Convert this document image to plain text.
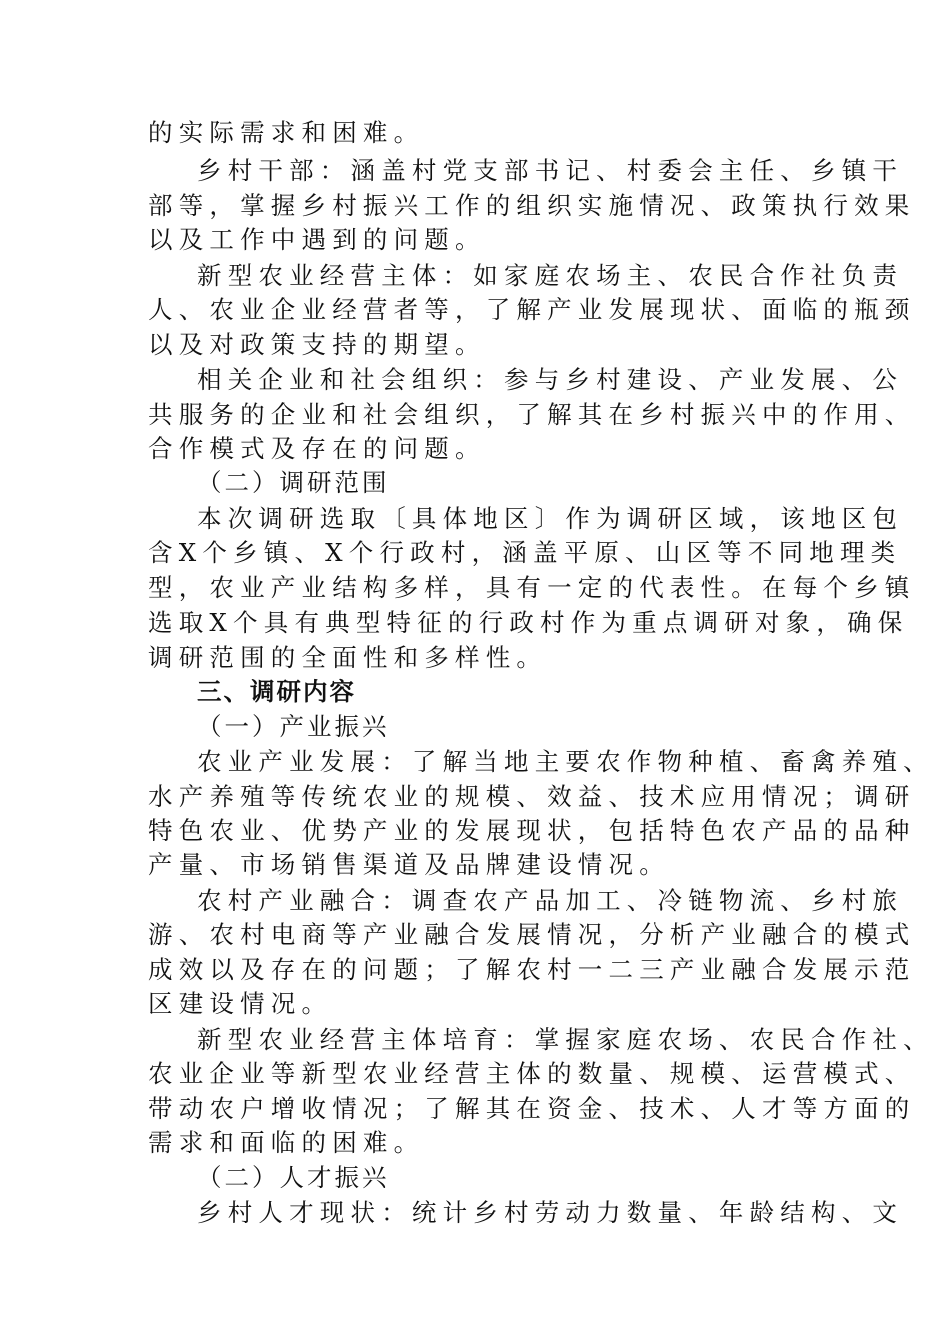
的实际需求和困难。
乡村干部：涵盖村党支部书记、村委会主任、乡镇干
部等，掌握乡村振兴工作的组织实施情况、政策执行效果
以及工作中遇到的问题。
新型农业经营主体：如家庭农场主、农民合作社负责
人、农业企业经营者等，了解产业发展现状、面临的瓶颈
以及对政策支持的期望。
相关企业和社会组织：参与乡村建设、产业发展、公
共服务的企业和社会组织，了解其在乡村振兴中的作用、
合作模式及存在的问题。
（二）调研范围
本次调研选取〔具体地区〕作为调研区域，该地区包
含X个乡镇、X个行政村，涵盖平原、山区等不同地理类
型，农业产业结构多样，具有一定的代表性。在每个乡镇
选取X个具有典型特征的行政村作为重点调研对象，确保
调研范围的全面性和多样性。
三、调研内容
（一）产业振兴
农业产业发展：了解当地主要农作物种植、畜禽养殖、
水产养殖等传统农业的规模、效益、技术应用情况；调研
特色农业、优势产业的发展现状，包括特色农产品的品种
产量、市场销售渠道及品牌建设情况。
农村产业融合：调查农产品加工、冷链物流、乡村旅
游、农村电商等产业融合发展情况，分析产业融合的模式
成效以及存在的问题；了解农村一二三产业融合发展示范
区建设情况。
新型农业经营主体培育：掌握家庭农场、农民合作社、
农业企业等新型农业经营主体的数量、规模、运营模式、
带动农户增收情况；了解其在资金、技术、人才等方面的
需求和面临的困难。
（二）人才振兴
乡村人才现状：统计乡村劳动力数量、年龄结构、文
